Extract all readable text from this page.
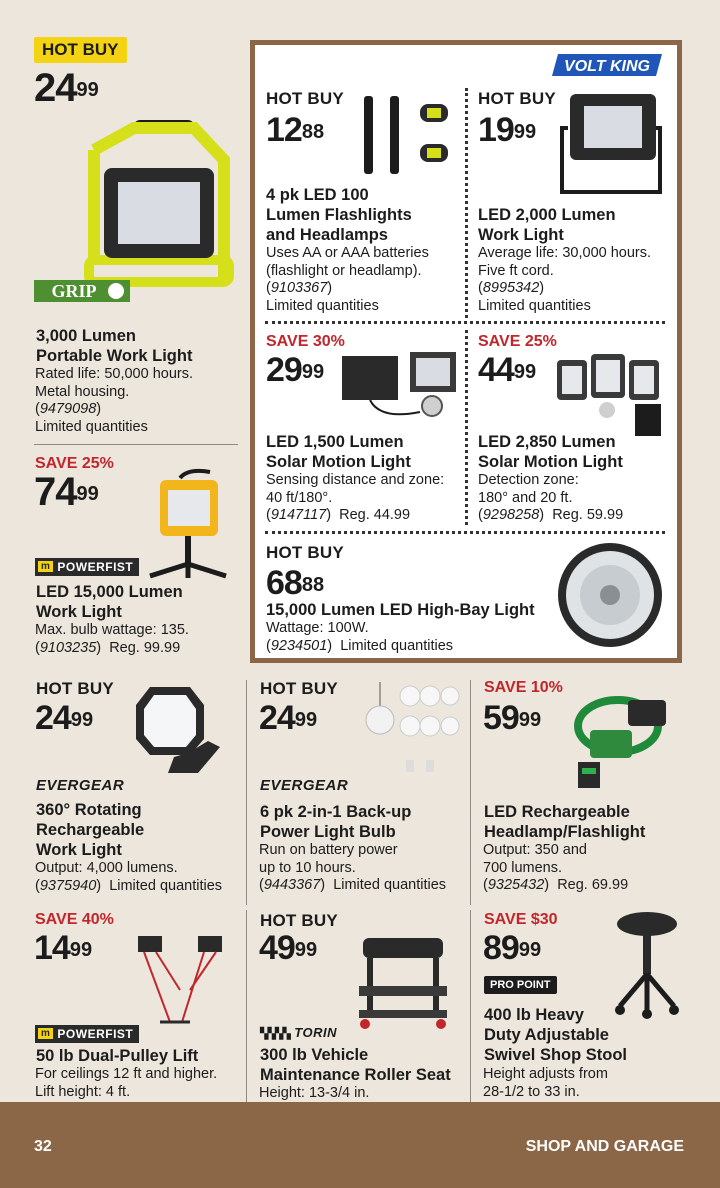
VOLT KING
HOT BUY
$24^{99}$
GRIP
3,000 Lumen
Portable Work Light
Rated life: 50,000 hours.
Metal housing.
(9479098)
Limited quantities
SAVE 25%
$74^{99}$
m POWERFIST
LED 15,000 Lumen
Work Light
Max. bulb wattage: 135.
(9103235)  Reg. 99.99
HOT BUY
$12^{88}$
4 pk LED 100
Lumen Flashlights
and Headlamps
Uses AA or AAA batteries
(flashlight or headlamp).
(9103367)
Limited quantities
HOT BUY
$19^{99}$
LED 2,000 Lumen
Work Light
Average life: 30,000 hours.
Five ft cord.
(8995342)
Limited quantities
SAVE 30%
$29^{99}$
LED 1,500 Lumen
Solar Motion Light
Sensing distance and zone:
40 ft/180°.
(9147117)  Reg. 44.99
SAVE 25%
$44^{99}$
LED 2,850 Lumen
Solar Motion Light
Detection zone:
180° and 20 ft.
(9298258)  Reg. 59.99
HOT BUY
$68^{88}$
15,000 Lumen LED High-Bay Light
Wattage: 100W.
(9234501)  Limited quantities
HOT BUY
$24^{99}$
EVERGEAR
360° Rotating
Rechargeable
Work Light
Output: 4,000 lumens.
(9375940)  Limited quantities
HOT BUY
$24^{99}$
EVERGEAR
6 pk 2-in-1 Back-up
Power Light Bulb
Run on battery power
up to 10 hours.
(9443367)  Limited quantities
SAVE 10%
$59^{99}$
LED Rechargeable
Headlamp/Flashlight
Output: 350 and
700 lumens.
(9325432)  Reg. 69.99
SAVE 40%
$14^{99}$
m POWERFIST
50 lb Dual-Pulley Lift
For ceilings 12 ft and higher.
Lift height: 4 ft.
HOT BUY
$49^{99}$
▚▚▚▚ TORIN
300 lb Vehicle
Maintenance Roller Seat
Height: 13-3/4 in.
SAVE $30
$89^{99}$
PRO POINT
400 lb Heavy
Duty Adjustable
Swivel Shop Stool
Height adjusts from
28-1/2 to 33 in.
32	SHOP AND GARAGE
